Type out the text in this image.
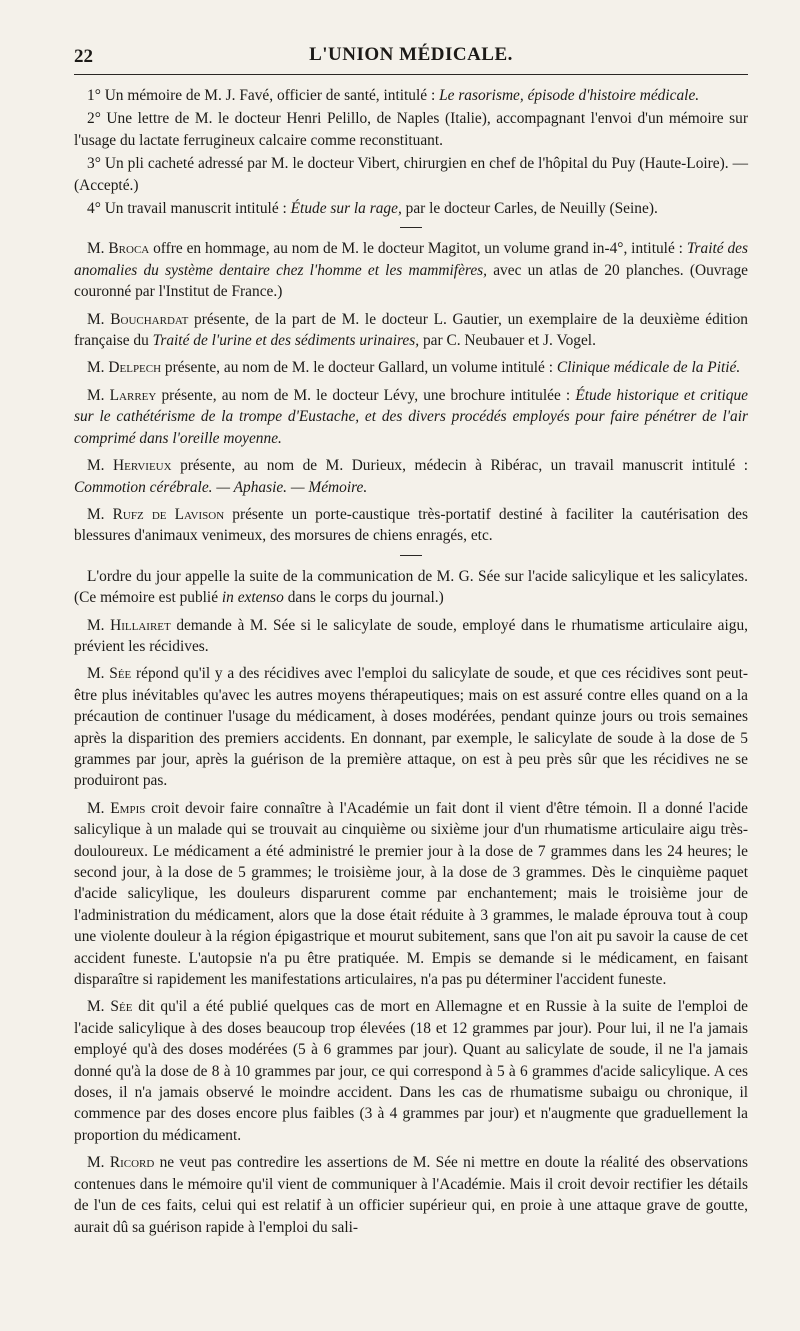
22	L'UNION MÉDICALE.

1° Un mémoire de M. J. Favé, officier de santé, intitulé : Le rasorisme, épisode d'histoire médicale.

2° Une lettre de M. le docteur Henri Pelillo, de Naples (Italie), accompagnant l'envoi d'un mémoire sur l'usage du lactate ferrugineux calcaire comme reconstituant.

3° Un pli cacheté adressé par M. le docteur Vibert, chirurgien en chef de l'hôpital du Puy (Haute-Loire). — (Accepté.)

4° Un travail manuscrit intitulé : Étude sur la rage, par le docteur Carles, de Neuilly (Seine).

M. Broca offre en hommage, au nom de M. le docteur Magitot, un volume grand in-4°, intitulé : Traité des anomalies du système dentaire chez l'homme et les mammifères, avec un atlas de 20 planches. (Ouvrage couronné par l'Institut de France.)

M. Bouchardat présente, de la part de M. le docteur L. Gautier, un exemplaire de la deuxième édition française du Traité de l'urine et des sédiments urinaires, par C. Neubauer et J. Vogel.

M. Delpech présente, au nom de M. le docteur Gallard, un volume intitulé : Clinique médicale de la Pitié.

M. Larrey présente, au nom de M. le docteur Lévy, une brochure intitulée : Étude historique et critique sur le cathétérisme de la trompe d'Eustache, et des divers procédés employés pour faire pénétrer de l'air comprimé dans l'oreille moyenne.

M. Hervieux présente, au nom de M. Durieux, médecin à Ribérac, un travail manuscrit intitulé : Commotion cérébrale. — Aphasie. — Mémoire.

M. Rufz de Lavison présente un porte-caustique très-portatif destiné à faciliter la cautérisation des blessures d'animaux venimeux, des morsures de chiens enragés, etc.

L'ordre du jour appelle la suite de la communication de M. G. Sée sur l'acide salicylique et les salicylates. (Ce mémoire est publié in extenso dans le corps du journal.)

M. Hillairet demande à M. Sée si le salicylate de soude, employé dans le rhumatisme articulaire aigu, prévient les récidives.

M. Sée répond qu'il y a des récidives avec l'emploi du salicylate de soude, et que ces récidives sont peut-être plus inévitables qu'avec les autres moyens thérapeutiques; mais on est assuré contre elles quand on a la précaution de continuer l'usage du médicament, à doses modérées, pendant quinze jours ou trois semaines après la disparition des premiers accidents. En donnant, par exemple, le salicylate de soude à la dose de 5 grammes par jour, après la guérison de la première attaque, on est à peu près sûr que les récidives ne se produiront pas.

M. Empis croit devoir faire connaître à l'Académie un fait dont il vient d'être témoin. Il a donné l'acide salicylique à un malade qui se trouvait au cinquième ou sixième jour d'un rhumatisme articulaire aigu très-douloureux. Le médicament a été administré le premier jour à la dose de 7 grammes dans les 24 heures; le second jour, à la dose de 5 grammes; le troisième jour, à la dose de 3 grammes. Dès le cinquième paquet d'acide salicylique, les douleurs disparurent comme par enchantement; mais le troisième jour de l'administration du médicament, alors que la dose était réduite à 3 grammes, le malade éprouva tout à coup une violente douleur à la région épigastrique et mourut subitement, sans que l'on ait pu savoir la cause de cet accident funeste. L'autopsie n'a pu être pratiquée. M. Empis se demande si le médicament, en faisant disparaître si rapidement les manifestations articulaires, n'a pas pu déterminer l'accident funeste.

M. Sée dit qu'il a été publié quelques cas de mort en Allemagne et en Russie à la suite de l'emploi de l'acide salicylique à des doses beaucoup trop élevées (18 et 12 grammes par jour). Pour lui, il ne l'a jamais employé qu'à des doses modérées (5 à 6 grammes par jour). Quant au salicylate de soude, il ne l'a jamais donné qu'à la dose de 8 à 10 grammes par jour, ce qui correspond à 5 à 6 grammes d'acide salicylique. A ces doses, il n'a jamais observé le moindre accident. Dans les cas de rhumatisme subaigu ou chronique, il commence par des doses encore plus faibles (3 à 4 grammes par jour) et n'augmente que graduellement la proportion du médicament.

M. Ricord ne veut pas contredire les assertions de M. Sée ni mettre en doute la réalité des observations contenues dans le mémoire qu'il vient de communiquer à l'Académie. Mais il croit devoir rectifier les détails de l'un de ces faits, celui qui est relatif à un officier supérieur qui, en proie à une attaque grave de goutte, aurait dû sa guérison rapide à l'emploi du sali-
